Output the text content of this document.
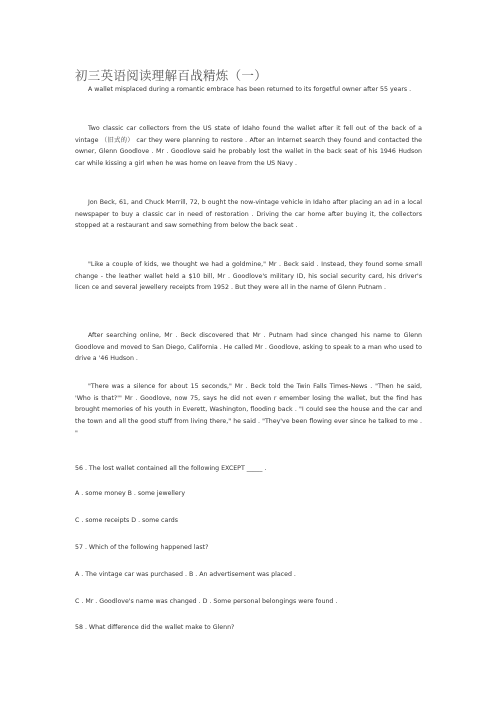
初三英语阅读理解百战精炼（一）
A wallet misplaced during a romantic embrace has been returned to its forgetful owner after 55 years .
Two classic car collectors from the US state of Idaho found the wallet after it fell out of the back of a vintage （旧式的） car they were planning to restore . After an Internet search they found and contacted the owner, Glenn Goodlove . Mr . Goodlove said he probably lost the wallet in the back seat of his 1946 Hudson car while kissing a girl when he was home on leave from the US Navy .
Jon Beck, 61, and Chuck Merrill, 72, b ought the now-vintage vehicle in Idaho after placing an ad in a local newspaper to buy a classic car in need of restoration . Driving the car home after buying it, the collectors stopped at a restaurant and saw something from below the back seat .
"Like a couple of kids, we thought we had a goldmine," Mr . Beck said . Instead, they found some small change - the leather wallet held a $10 bill, Mr . Goodlove's military ID, his social security card, his driver's licen ce and several jewellery receipts from 1952 . But they were all in the name of Glenn Putnam .
After searching online, Mr . Beck discovered that Mr . Putnam had since changed his name to Glenn Goodlove and moved to San Diego, California . He called Mr . Goodlove, asking to speak to a man who used to drive a '46 Hudson .
"There was a silence for about 15 seconds," Mr . Beck told the Twin Falls Times-News . "Then he said, 'Who is that?'" Mr . Goodlove, now 75, says he did not even r emember losing the wallet, but the find has brought memories of his youth in Everett, Washington, flooding back . "I could see the house and the car and the town and all the good stuff from living there," he said . "They've been flowing ever since he talked to me . "
56 . The lost wallet contained all the following EXCEPT _____ .
A . some money B . some jewellery
C . some receipts D . some cards
57 . Which of the following happened last?
A . The vintage car was purchased . B . An advertisement was placed .
C . Mr . Goodlove's name was changed . D . Some personal belongings were found .
58 . What difference did the wallet make to Glenn?
